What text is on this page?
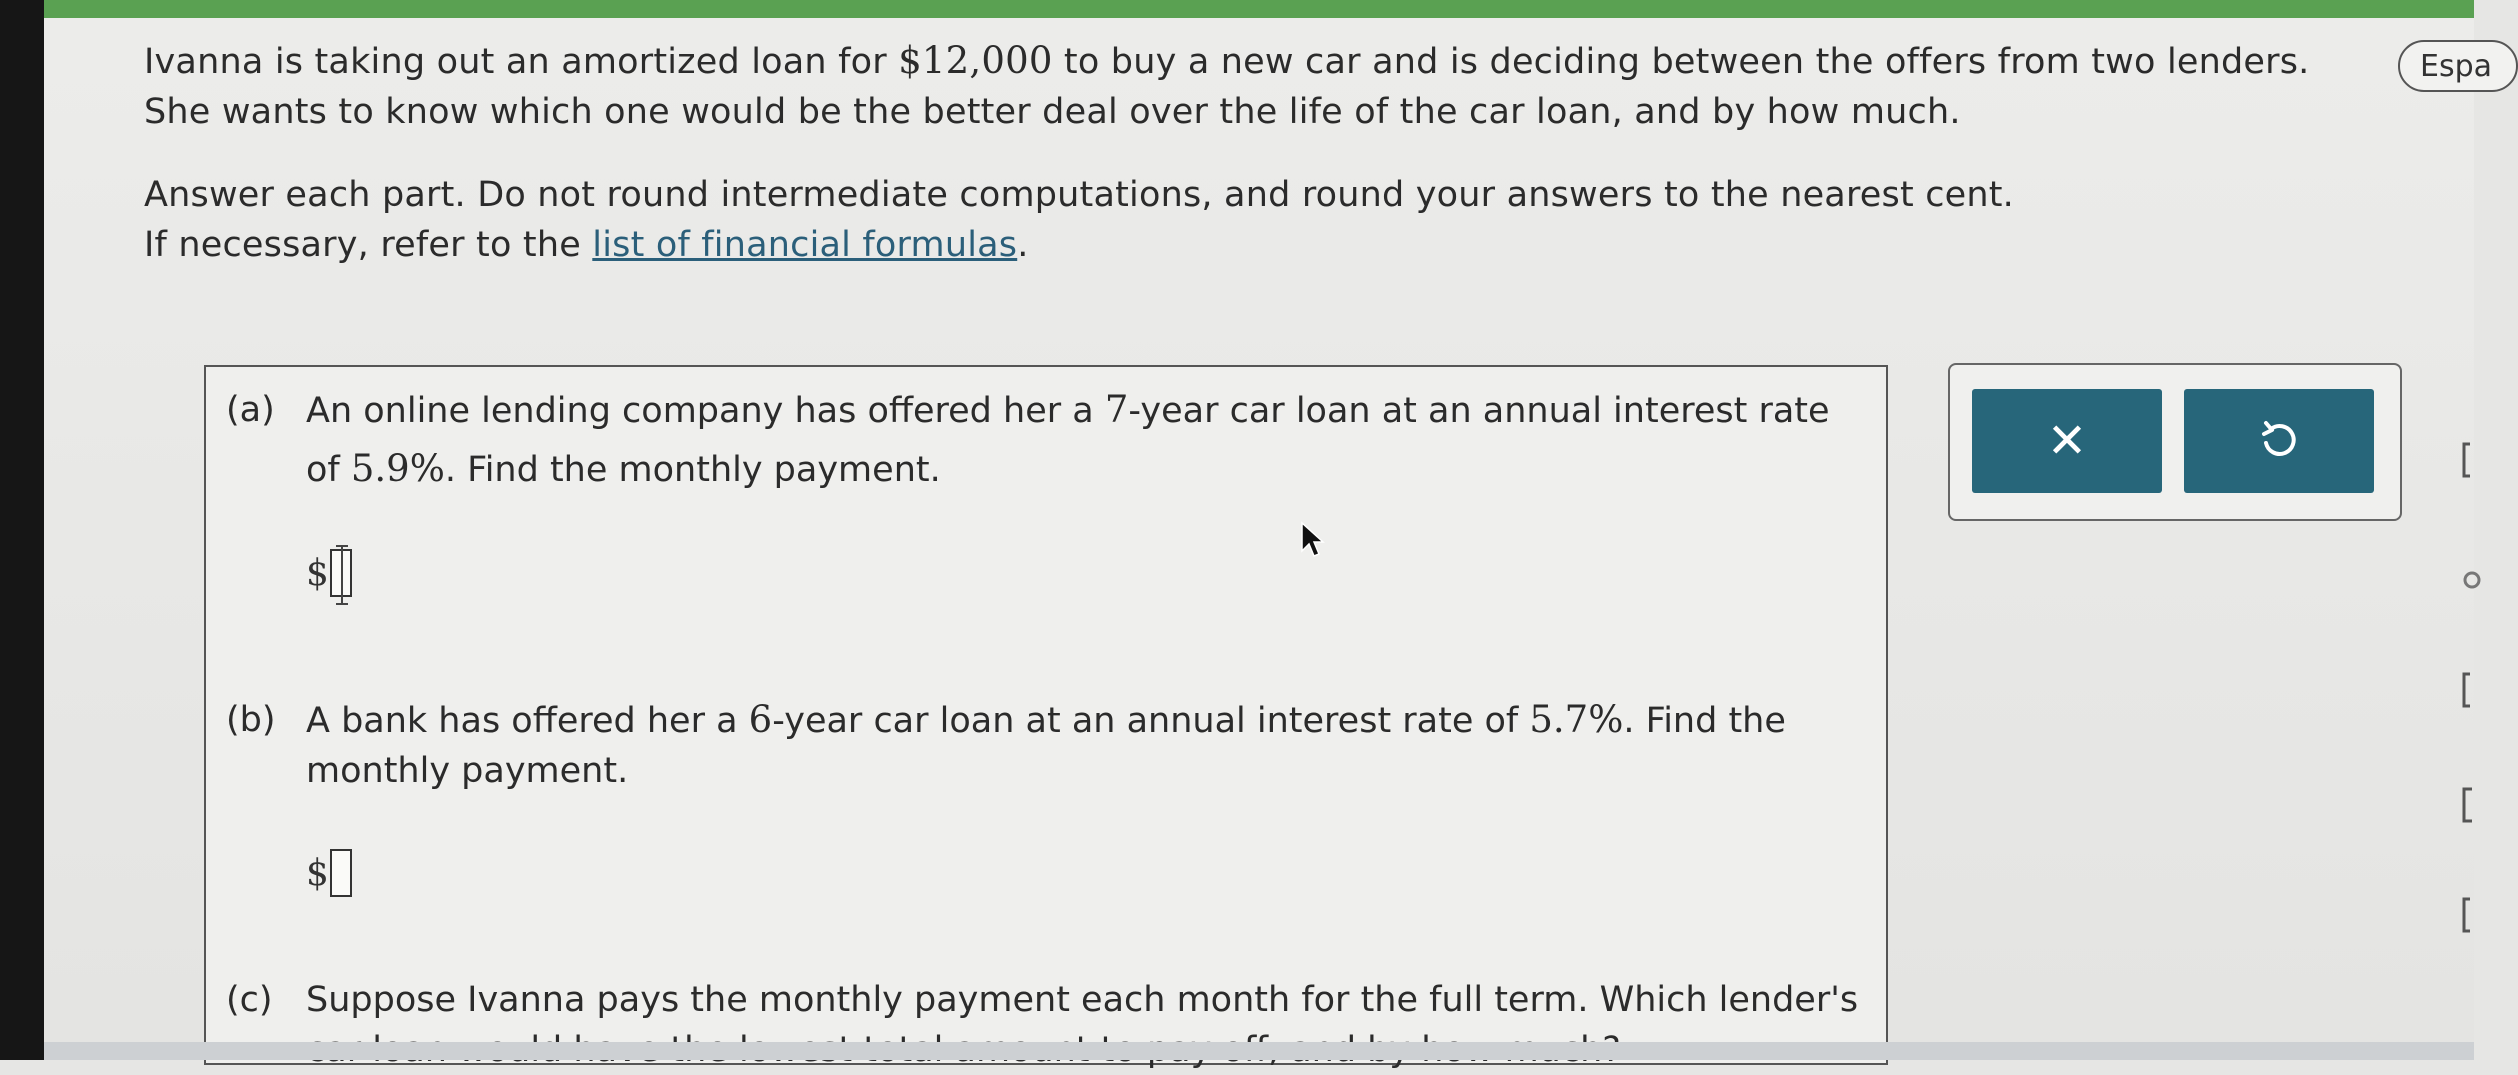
Ivanna is taking out an amortized loan for $12,000 to buy a new car and is deciding between the offers from two lenders.
She wants to know which one would be the better deal over the life of the car loan, and by how much.
Answer each part. Do not round intermediate computations, and round your answers to the nearest cent.
If necessary, refer to the list of financial formulas.
Espa
(a) An online lending company has offered her a 7-year car loan at an annual interest rate
of 5.9%. Find the monthly payment.
$
(b) A bank has offered her a 6-year car loan at an annual interest rate of 5.7%. Find the
monthly payment.
$
(c) Suppose Ivanna pays the monthly payment each month for the full term. Which lender's
✕
